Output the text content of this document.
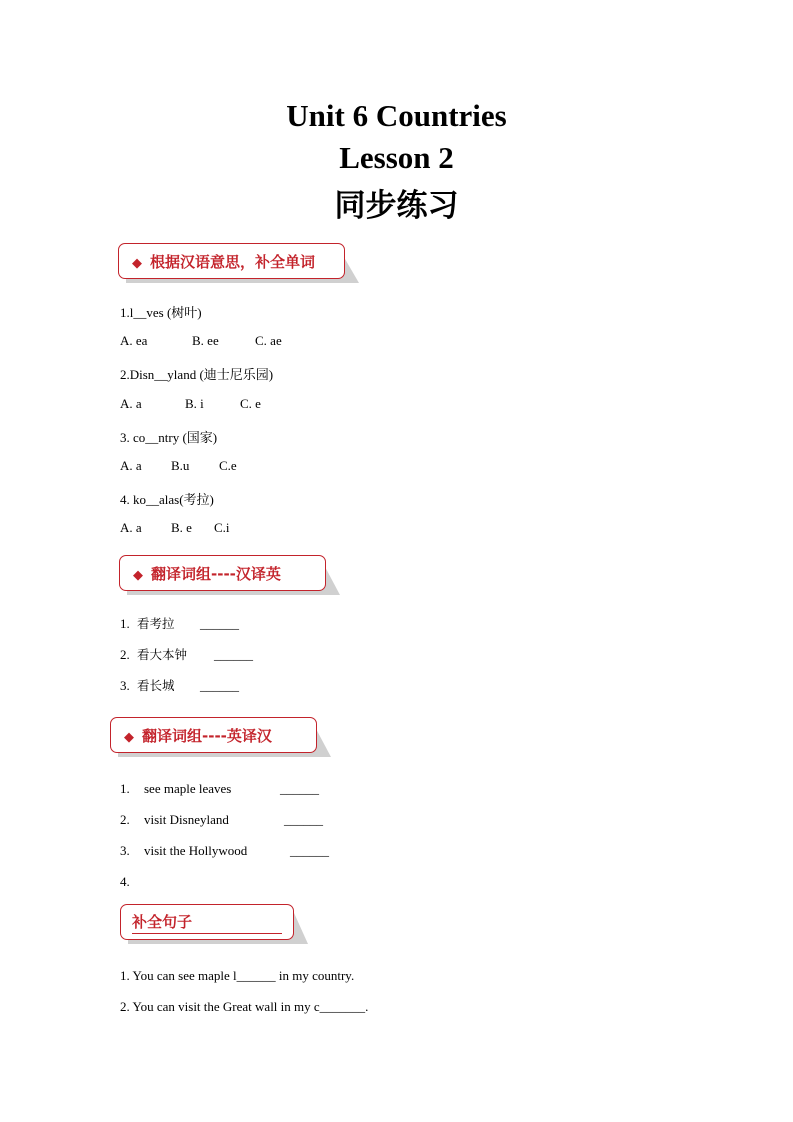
Unit 6 Countries
Lesson 2
同步练习
◆ 根据汉语意思，补全单词
1.l__ves (树叶)
A. ea	B. ee	C. ae
2.Disn__yland (迪士尼乐园)
A. a	B. i	C. e
3. co__ntry (国家)
A. a B.u C.e
4. ko__alas(考拉)
A. a B. e C.i
◆ 翻译词组----汉译英
1. 看考拉 ______
2. 看大本钟 ______
3. 看长城 ______
◆ 翻译词组----英译汉
1. see maple leaves	______
2. visit Disneyland	______
3. visit the Hollywood	______
4.
补全句子
1. You can see maple l______ in my country.
2. You can visit the Great wall in my c_______.
